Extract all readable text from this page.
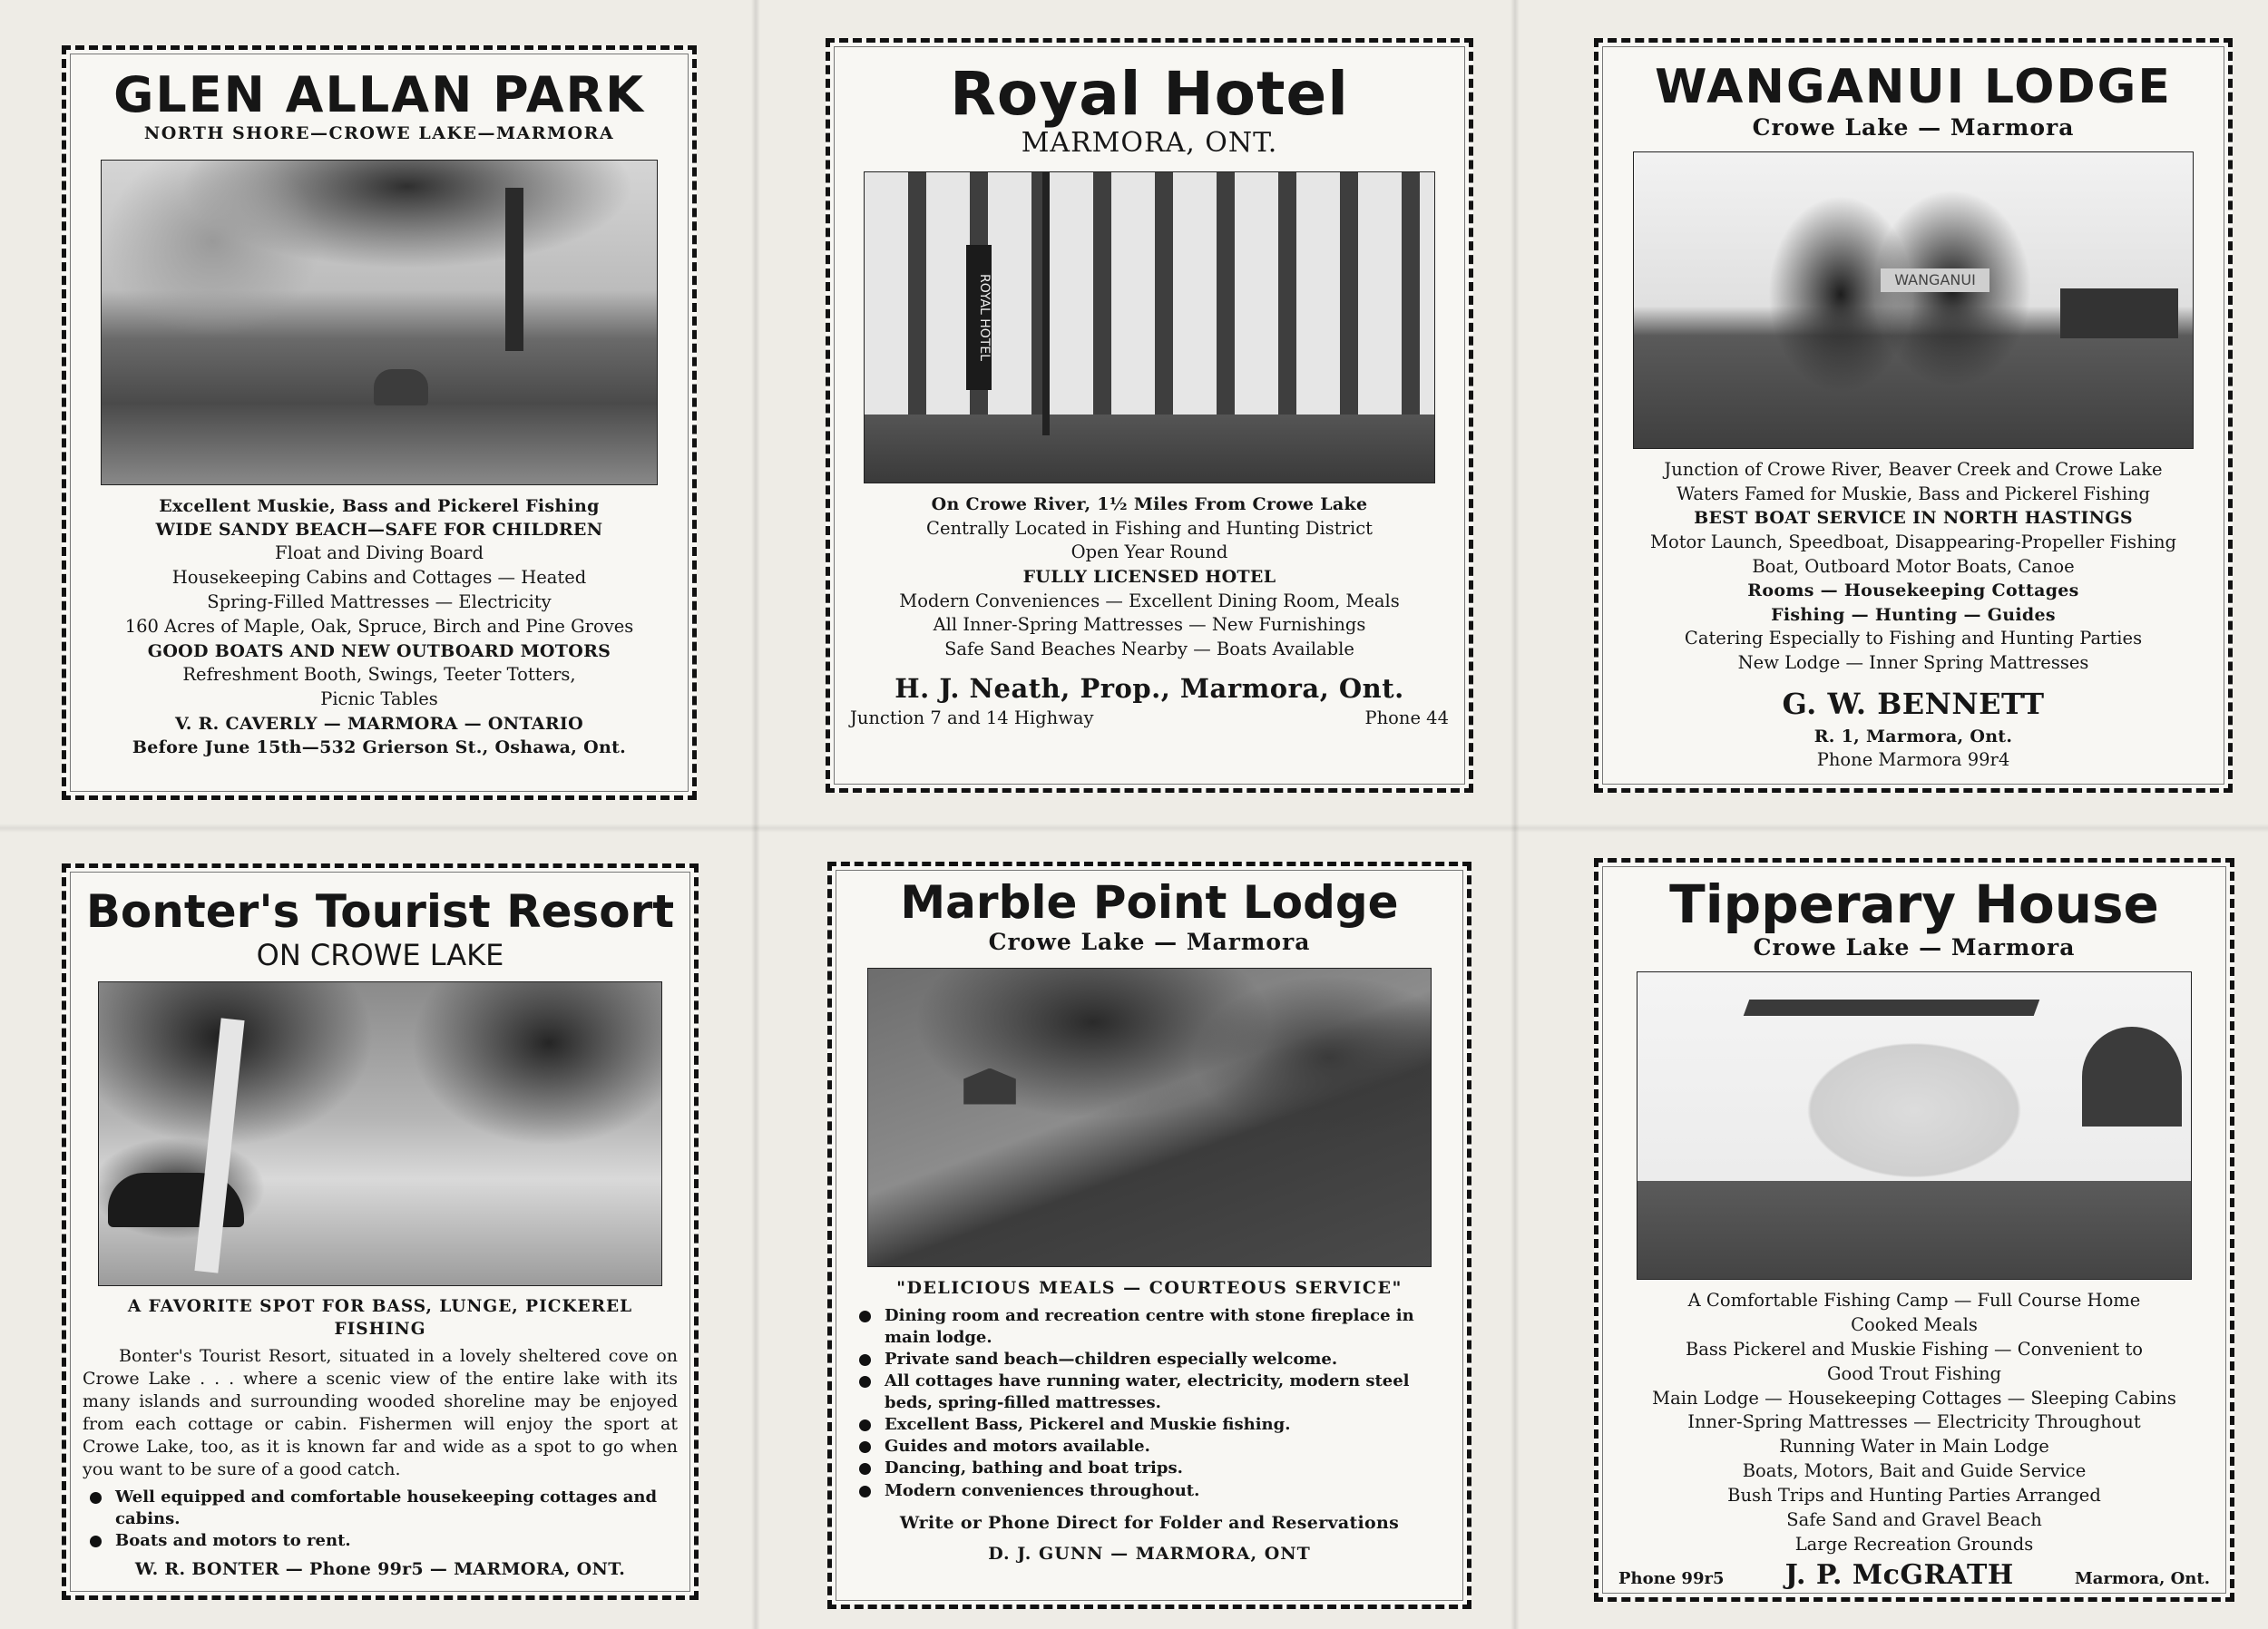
GLEN ALLAN PARK
NORTH SHORE—CROWE LAKE—MARMORA
Excellent Muskie, Bass and Pickerel Fishing
WIDE SANDY BEACH—SAFE FOR CHILDREN
Float and Diving Board
Housekeeping Cabins and Cottages — Heated
Spring-Filled Mattresses — Electricity
160 Acres of Maple, Oak, Spruce, Birch and Pine Groves
GOOD BOATS AND NEW OUTBOARD MOTORS
Refreshment Booth, Swings, Teeter Totters,
Picnic Tables
V. R. CAVERLY — MARMORA — ONTARIO
Before June 15th—532 Grierson St., Oshawa, Ont.
Royal Hotel
MARMORA, ONT.
ROYAL HOTEL
On Crowe River, 1½ Miles From Crowe Lake
Centrally Located in Fishing and Hunting District
Open Year Round
FULLY LICENSED HOTEL
Modern Conveniences — Excellent Dining Room, Meals
All Inner-Spring Mattresses — New Furnishings
Safe Sand Beaches Nearby — Boats Available
H. J. Neath, Prop., Marmora, Ont.
Junction 7 and 14 Highway	Phone 44
WANGANUI LODGE
Crowe Lake — Marmora
WANGANUI
Junction of Crowe River, Beaver Creek and Crowe Lake
Waters Famed for Muskie, Bass and Pickerel Fishing
BEST BOAT SERVICE IN NORTH HASTINGS
Motor Launch, Speedboat, Disappearing-Propeller Fishing
Boat, Outboard Motor Boats, Canoe
Rooms — Housekeeping Cottages
Fishing — Hunting — Guides
Catering Especially to Fishing and Hunting Parties
New Lodge — Inner Spring Mattresses
G. W. BENNETT
R. 1, Marmora, Ont.
Phone Marmora 99r4
Bonter's Tourist Resort
ON CROWE LAKE
A FAVORITE SPOT FOR BASS, LUNGE, PICKEREL FISHING

Bonter's Tourist Resort, situated in a lovely sheltered cove on Crowe Lake . . . where a scenic view of the entire lake with its many islands and surrounding wooded shoreline may be enjoyed from each cottage or cabin. Fishermen will enjoy the sport at Crowe Lake, too, as it is known far and wide as a spot to go when you want to be sure of a good catch.

Well equipped and comfortable housekeeping cottages and cabins.
Boats and motors to rent.
W. R. BONTER — Phone 99r5 — MARMORA, ONT.
Marble Point Lodge
Crowe Lake — Marmora
"DELICIOUS MEALS — COURTEOUS SERVICE"
Dining room and recreation centre with stone fireplace in main lodge.
Private sand beach—children especially welcome.
All cottages have running water, electricity, modern steel beds, spring-filled mattresses.
Excellent Bass, Pickerel and Muskie fishing.
Guides and motors available.
Dancing, bathing and boat trips.
Modern conveniences throughout.
Write or Phone Direct for Folder and Reservations
D. J. GUNN — MARMORA, ONT
Tipperary House
Crowe Lake — Marmora
A Comfortable Fishing Camp — Full Course Home
Cooked Meals
Bass Pickerel and Muskie Fishing — Convenient to
Good Trout Fishing
Main Lodge — Housekeeping Cottages — Sleeping Cabins
Inner-Spring Mattresses — Electricity Throughout
Running Water in Main Lodge
Boats, Motors, Bait and Guide Service
Bush Trips and Hunting Parties Arranged
Safe Sand and Gravel Beach
Large Recreation Grounds
Phone 99r5 J. P. McGRATH	Marmora, Ont.
